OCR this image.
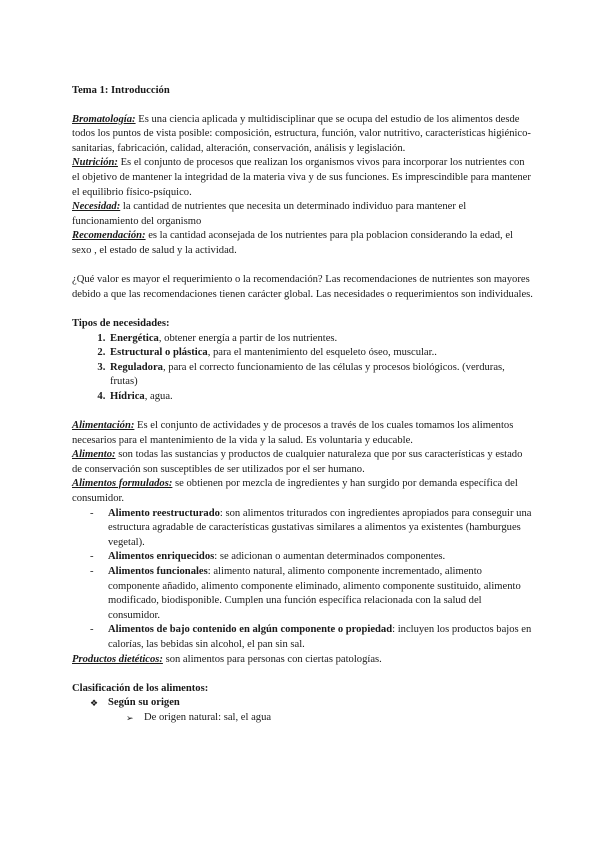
Tema 1: Introducción

Bromatología: Es una ciencia aplicada y multidisciplinar que se ocupa del estudio de los alimentos desde todos los puntos de vista posible: composición, estructura, función, valor nutritivo, características higiénico-sanitarias, fabricación, calidad, alteración, conservación, análisis y legislación.

Nutrición: Es el conjunto de procesos que realizan los organismos vivos para incorporar los nutrientes con el objetivo de mantener la integridad de la materia viva y de sus funciones. Es imprescindible para mantener el equilibrio físico-psíquico.

Necesidad: la cantidad de nutrientes que necesita un determinado individuo para mantener el funcionamiento del organismo

Recomendación: es la cantidad aconsejada de los nutrientes para pla poblacion considerando la edad, el sexo , el estado de salud y la actividad.

¿Qué valor es mayor el requerimiento o la recomendación? Las recomendaciones de nutrientes son mayores debido a que las recomendaciones tienen carácter global. Las necesidades o requerimientos son individuales.

Tipos de necesidades:

1. Energética, obtener energía a partir de los nutrientes.
2. Estructural o plástica, para el mantenimiento del esqueleto óseo, muscular..
3. Reguladora, para el correcto funcionamiento de las células y procesos biológicos. (verduras, frutas)
4. Hídrica, agua.

Alimentación: Es el conjunto de actividades y de procesos a través de los cuales tomamos los alimentos necesarios para el mantenimiento de la vida y la salud. Es voluntaria y educable.

Alimento: son todas las sustancias y productos de cualquier naturaleza que por sus características y estado de conservación son susceptibles de ser utilizados por el ser humano.

Alimentos formulados: se obtienen por mezcla de ingredientes y han surgido por demanda específica del consumidor.

- Alimento reestructurado: son alimentos triturados con ingredientes apropiados para conseguir una estructura agradable de características gustativas similares a alimentos ya existentes (hamburgues vegetal).
- Alimentos enriquecidos: se adicionan o aumentan determinados componentes.
- Alimentos funcionales: alimento natural, alimento componente incrementado, alimento componente añadido, alimento componente eliminado, alimento componente sustituido, alimento modificado, biodisponible. Cumplen una función específica relacionada con la salud del consumidor.
- Alimentos de bajo contenido en algún componente o propiedad: incluyen los productos bajos en calorías, las bebidas sin alcohol, el pan sin sal.

Productos dietéticos: son alimentos para personas con ciertas patologías.

Clasificación de los alimentos:

❖ Según su origen
➢ De origen natural: sal, el agua
